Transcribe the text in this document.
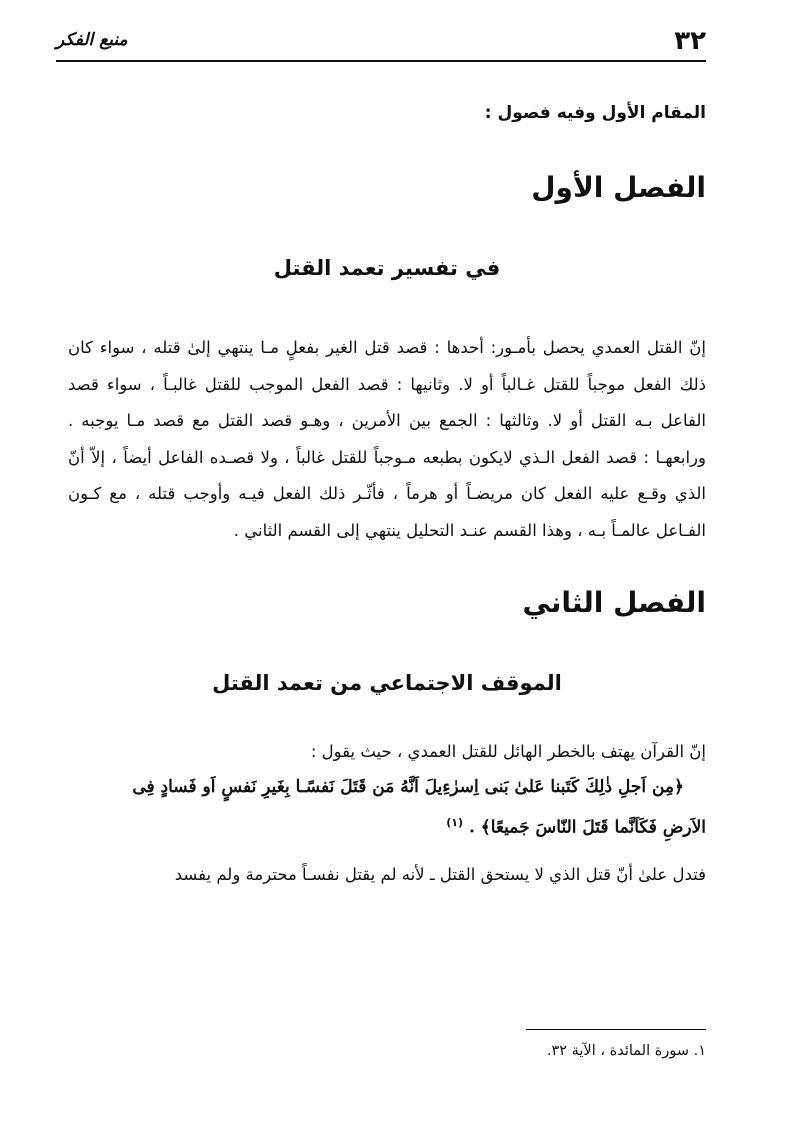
٣٢
منبع الفكر
المقام الأول وفيه فصول :
الفصل الأول
في تفسير تعمد القتل

إنّ القتل العمدي يحصل بأمـور: أحدها : قصد قتل الغير بفعلٍ مـا ينتهي إلىٰ قتله ، سواء كان ذلك الفعل موجباً للقتل غـالباً أو لا. وثانيها : قصد الفعل الموجب للقتل غالبـاً ، سواء قصد الفاعل بـه القتل أو لا. وثالثها : الجمع بين الأمرين ، وهـو قصد القتل مع قصد مـا يوجبه . ورابعهـا : قصد الفعل الـذي لايكون بطبعه مـوجباً للقتل غالباً ، ولا قصـده الفاعل أيضاً ، إلاّ أنّ الذي وقـع عليه الفعل كان مريضـاً أو هرماً ، فأثّـر ذلك الفعل فيـه وأوجب قتله ، مع كـون الفـاعل عالمـاً بـه ، وهذا القسم عنـد التحليل ينتهي إلى القسم الثاني .

الفصل الثاني
الموقف الاجتماعي من تعمد القتل
إنّ القرآن يهتف بالخطر الهائل للقتل العمدي ، حيث يقول :
﴿مِن اَجلِ ذٰلِكَ كَتَبنا عَلىٰ بَنى اِسرٰءِيلَ اَنَّهُ مَن قَتَلَ نَفسًـا بِغَيرِ نَفسٍ اَو فَسادٍ فِى
الاَرضِ فَكَاَنَّما قَتَلَ النّاسَ جَميعًا﴾ . $^{(١)}$

فتدل علىٰ أنّ قتل الذي لا يستحق القتل ـ لأنه لم يقتل نفسـاً محترمة ولم يفسد

١. سورة المائدة ، الآية ٣٢.
